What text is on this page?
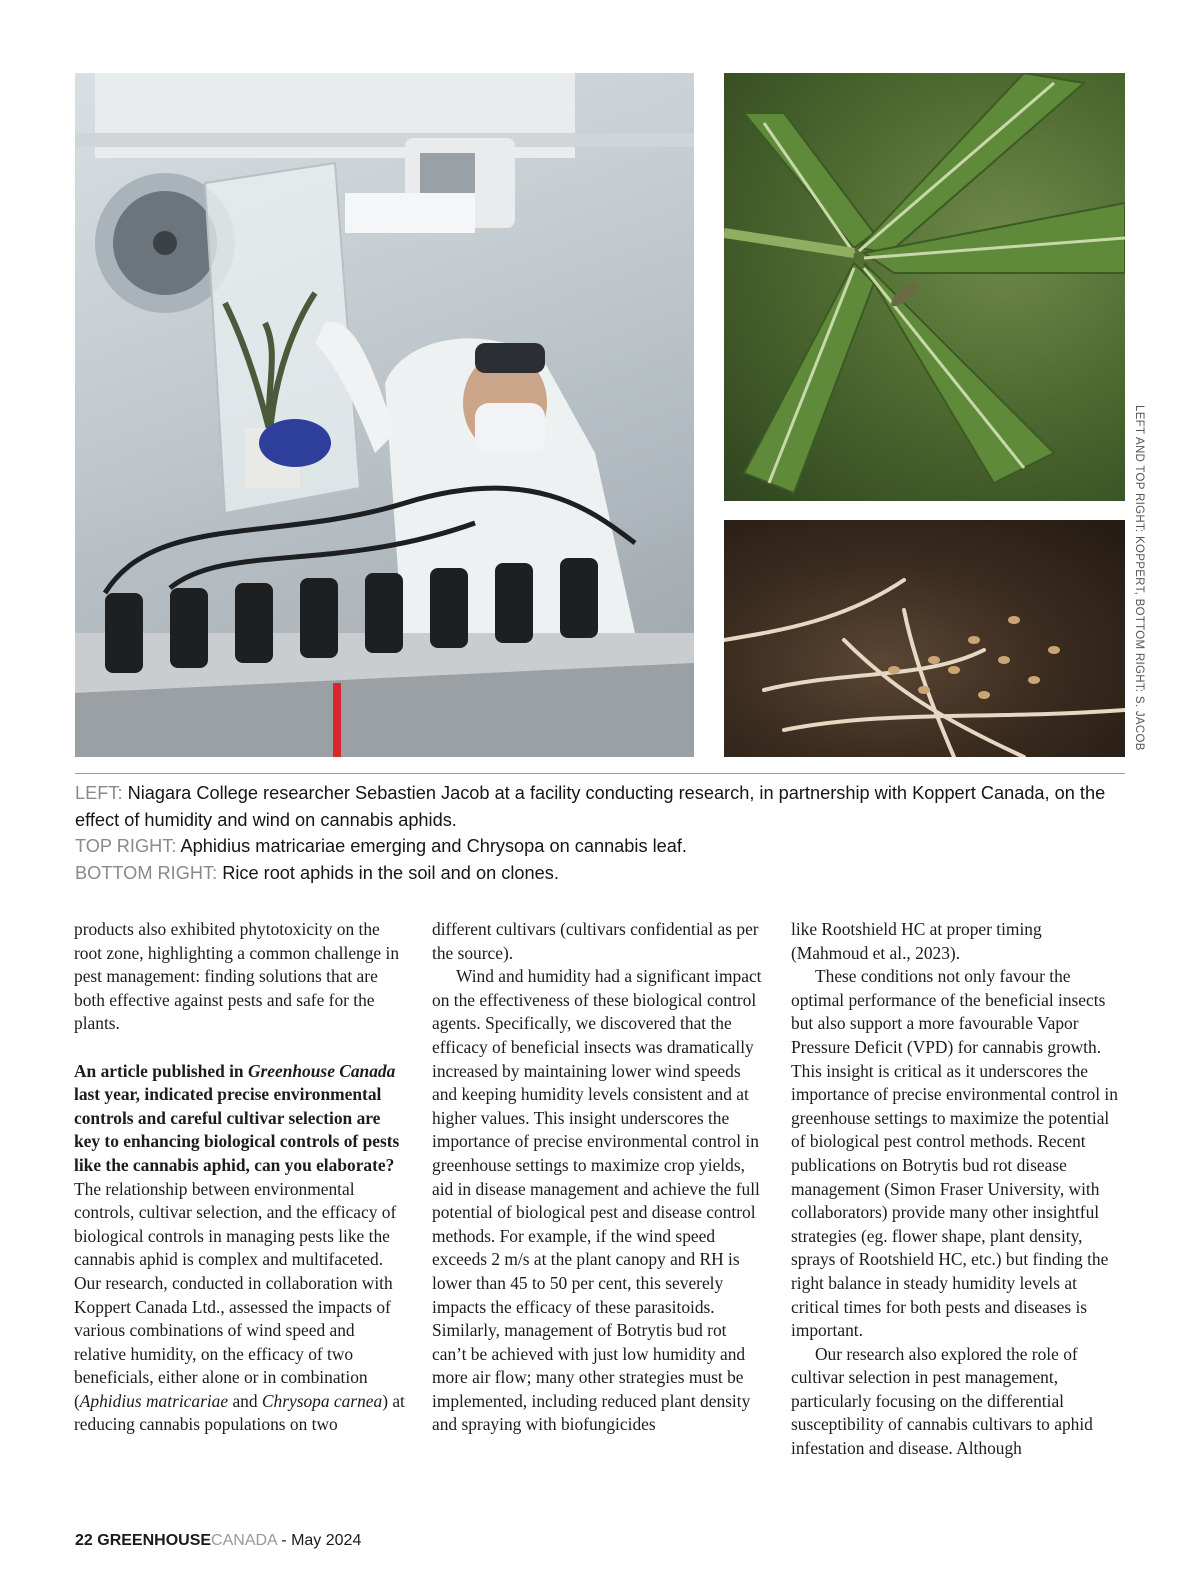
LEFT AND TOP RIGHT: KOPPERT, BOTTOM RIGHT: S. JACOB

LEFT: Niagara College researcher Sebastien Jacob at a facility conducting research, in partnership with Koppert Canada, on the effect of humidity and wind on cannabis aphids.

TOP RIGHT: Aphidius matricariae emerging and Chrysopa on cannabis leaf.

BOTTOM RIGHT: Rice root aphids in the soil and on clones.

products also exhibited phytotoxicity on the root zone, highlighting a common challenge in pest management: finding solutions that are both effective against pests and safe for the plants.

An article published in Greenhouse Canada last year, indicated precise environmental controls and careful cultivar selection are key to enhancing biological controls of pests like the cannabis aphid, can you elaborate?

The relationship between environmental controls, cultivar selection, and the efficacy of biological controls in managing pests like the cannabis aphid is complex and multifaceted. Our research, conducted in collaboration with Koppert Canada Ltd., assessed the impacts of various combinations of wind speed and relative humidity, on the efficacy of two beneficials, either alone or in combination (Aphidius matricariae and Chrysopa carnea) at reducing cannabis populations on two

different cultivars (cultivars confidential as per the source).

Wind and humidity had a significant impact on the effectiveness of these biological control agents. Specifically, we discovered that the efficacy of beneficial insects was dramatically increased by maintaining lower wind speeds and keeping humidity levels consistent and at higher values. This insight underscores the importance of precise environmental control in greenhouse settings to maximize crop yields, aid in disease management and achieve the full potential of biological pest and disease control methods. For example, if the wind speed exceeds 2 m/s at the plant canopy and RH is lower than 45 to 50 per cent, this severely impacts the efficacy of these parasitoids. Similarly, management of Botrytis bud rot can’t be achieved with just low humidity and more air flow; many other strategies must be implemented, including reduced plant density and spraying with biofungicides

like Rootshield HC at proper timing (Mahmoud et al., 2023).

These conditions not only favour the optimal performance of the beneficial insects but also support a more favourable Vapor Pressure Deficit (VPD) for cannabis growth. This insight is critical as it underscores the importance of precise environmental control in greenhouse settings to maximize the potential of biological pest control methods. Recent publications on Botrytis bud rot disease management (Simon Fraser University, with collaborators) provide many other insightful strategies (eg. flower shape, plant density, sprays of Rootshield HC, etc.) but finding the right balance in steady humidity levels at critical times for both pests and diseases is important.

Our research also explored the role of cultivar selection in pest management, particularly focusing on the differential susceptibility of cannabis cultivars to aphid infestation and disease. Although

22 GREENHOUSECANADA - May 2024
